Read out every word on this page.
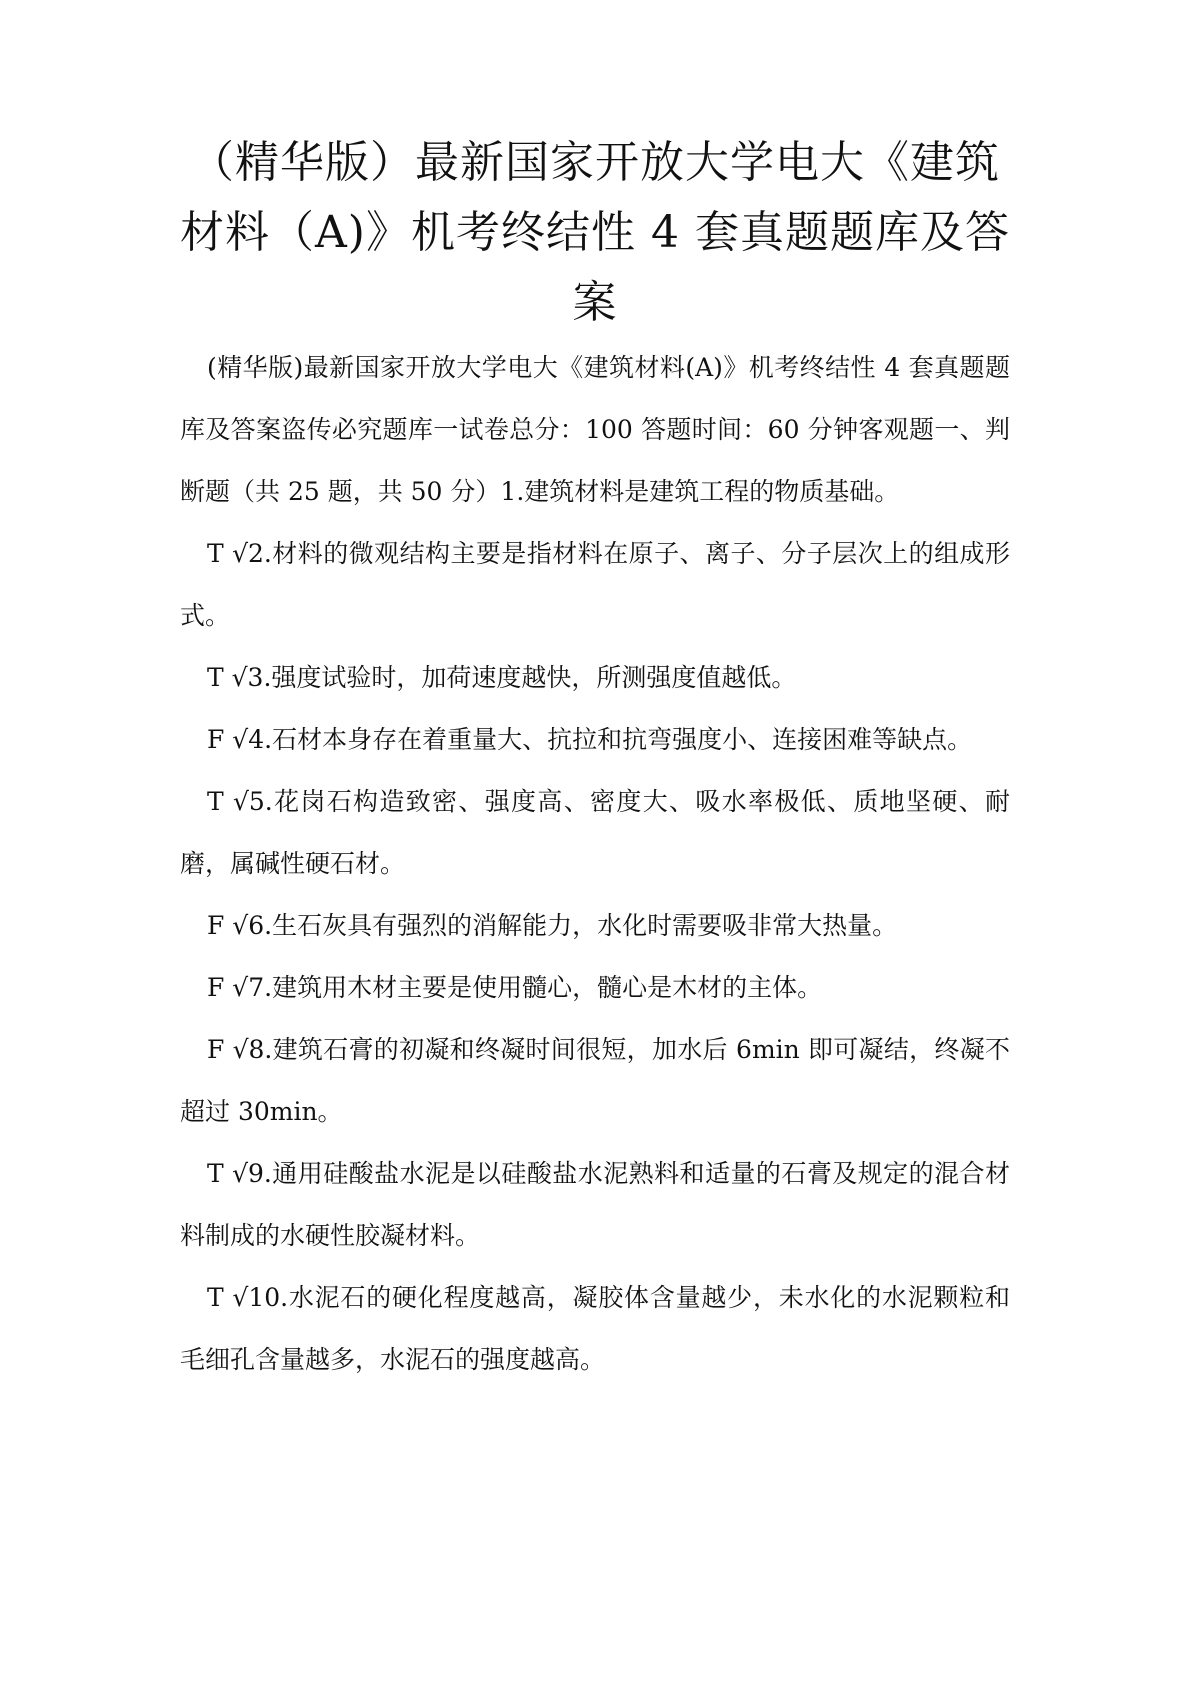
（精华版）最新国家开放大学电大《建筑材料（A)》机考终结性 4 套真题题库及答案

(精华版)最新国家开放大学电大《建筑材料(A)》机考终结性 4 套真题题库及答案盗传必究题库一试卷总分：100 答题时间：60 分钟客观题一、判断题（共 25 题，共 50 分）1.建筑材料是建筑工程的物质基础。

T √2.材料的微观结构主要是指材料在原子、离子、分子层次上的组成形式。

T √3.强度试验时，加荷速度越快，所测强度值越低。

F √4.石材本身存在着重量大、抗拉和抗弯强度小、连接困难等缺点。

T √5.花岗石构造致密、强度高、密度大、吸水率极低、质地坚硬、耐磨，属碱性硬石材。

F √6.生石灰具有强烈的消解能力，水化时需要吸非常大热量。

F √7.建筑用木材主要是使用髓心，髓心是木材的主体。

F √8.建筑石膏的初凝和终凝时间很短，加水后 6min 即可凝结，终凝不超过 30min。

T √9.通用硅酸盐水泥是以硅酸盐水泥熟料和适量的石膏及规定的混合材料制成的水硬性胶凝材料。

T √10.水泥石的硬化程度越高，凝胶体含量越少，未水化的水泥颗粒和毛细孔含量越多，水泥石的强度越高。
